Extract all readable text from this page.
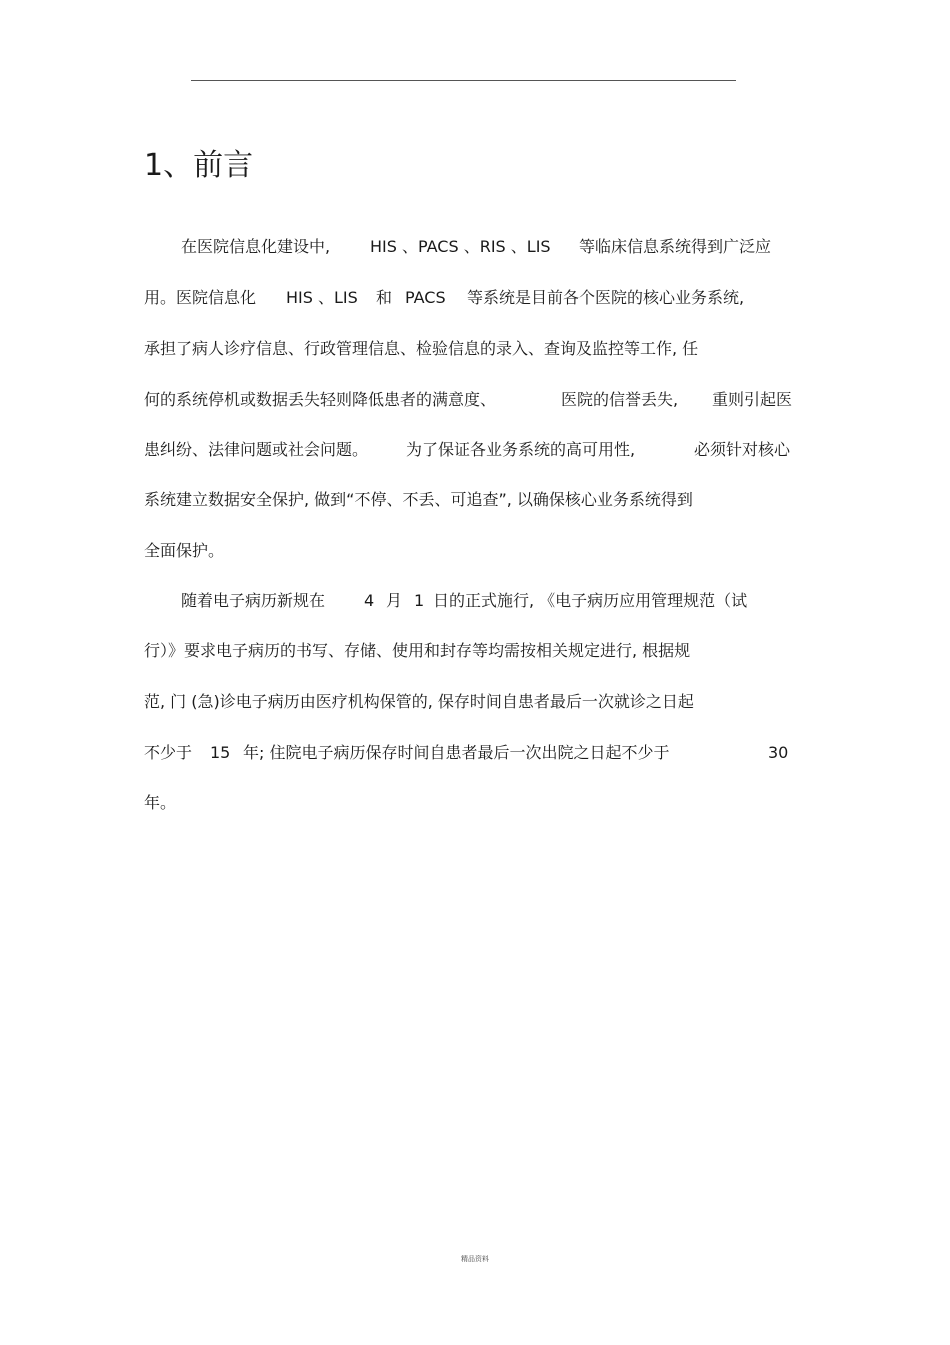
1、前言
在医院信息化建设中, HIS 、PACS 、RIS 、LIS 等临床信息系统得到广泛应
用。医院信息化 HIS 、LIS 和 PACS 等系统是目前各个医院的核心业务系统,
承担了病人诊疗信息、行政管理信息、检验信息的录入、查询及监控等工作, 任
何的系统停机或数据丢失轻则降低患者的满意度、	医院的信誉丢失, 重则引起医
患纠纷、法律问题或社会问题。 为了保证各业务系统的高可用性,	必须针对核心
系统建立数据安全保护, 做到“不停、不丢、可追查”, 以确保核心业务系统得到
全面保护。
随着电子病历新规在 4 月 1 日的正式施行, 《电子病历应用管理规范（试
行）》要求电子病历的书写、存储、使用和封存等均需按相关规定进行, 根据规
范, 门 (急)诊电子病历由医疗机构保管的, 保存时间自患者最后一次就诊之日起
不少于 15 年; 住院电子病历保存时间自患者最后一次出院之日起不少于	30
年。
精品资料
